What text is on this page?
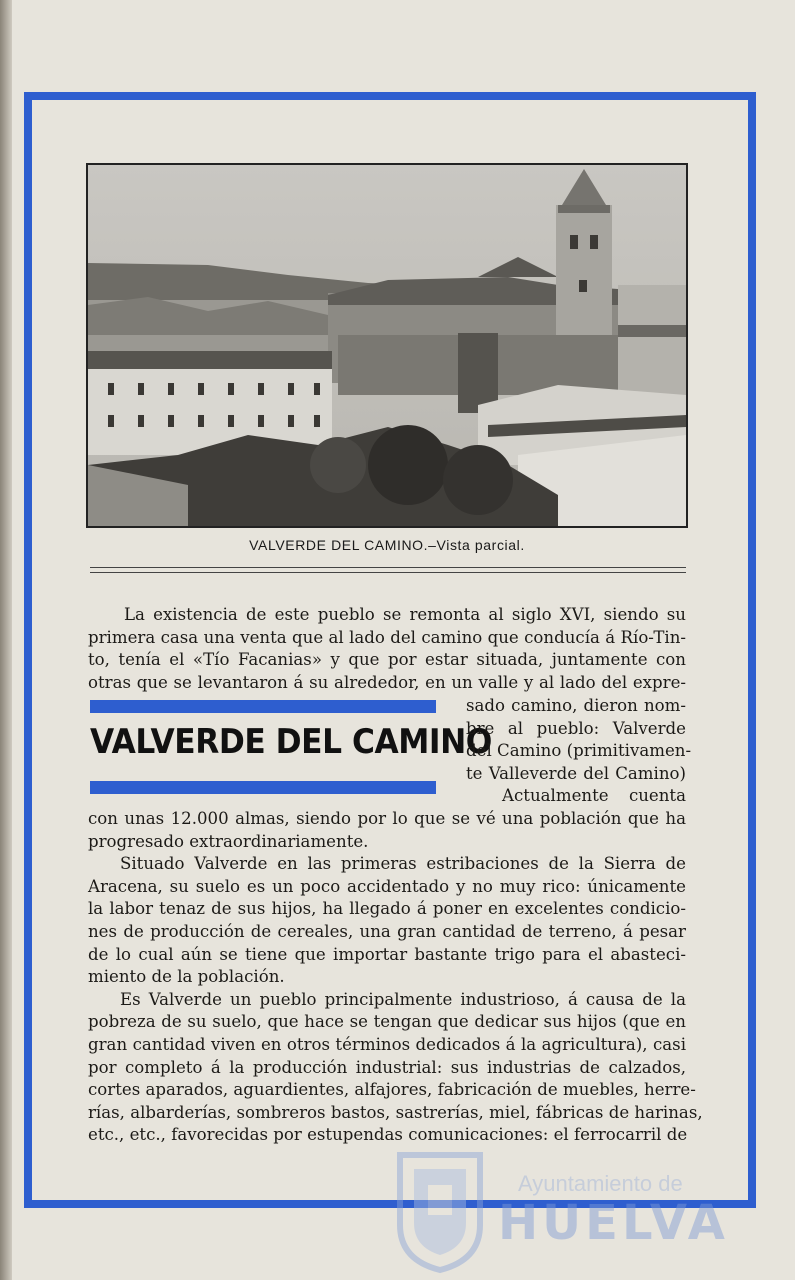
VALVERDE DEL CAMINO.–Vista parcial.
La existencia de este pueblo se remonta al siglo XVI, siendo su
primera casa una venta que al lado del camino que conducía á Río-Tin-
to, tenía el «Tío Facanias» y que por estar situada, juntamente con
otras que se levantaron á su alrededor, en un valle y al lado del expre-
VALVERDE DEL CAMINO
sado camino, dieron nom-
bre al pueblo: Valverde
del Camino (primitivamen-
te Valleverde del Camino)
Actualmente cuenta
con unas 12.000 almas, siendo por lo que se vé una población que ha
progresado extraordinariamente.
Situado Valverde en las primeras estribaciones de la Sierra de
Aracena, su suelo es un poco accidentado y no muy rico: únicamente
la labor tenaz de sus hijos, ha llegado á poner en excelentes condicio-
nes de producción de cereales, una gran cantidad de terreno, á pesar
de lo cual aún se tiene que importar bastante trigo para el abasteci-
miento de la población.
Es Valverde un pueblo principalmente industrioso, á causa de la
pobreza de su suelo, que hace se tengan que dedicar sus hijos (que en
gran cantidad viven en otros términos dedicados á la agricultura), casi
por completo á la producción industrial: sus industrias de calzados,
cortes aparados, aguardientes, alfajores, fabricación de muebles, herre-
rías, albarderías, sombreros bastos, sastrerías, miel, fábricas de harinas,
etc., etc., favorecidas por estupendas comunicaciones: el ferrocarril de
Ayuntamiento de
HUELVA
